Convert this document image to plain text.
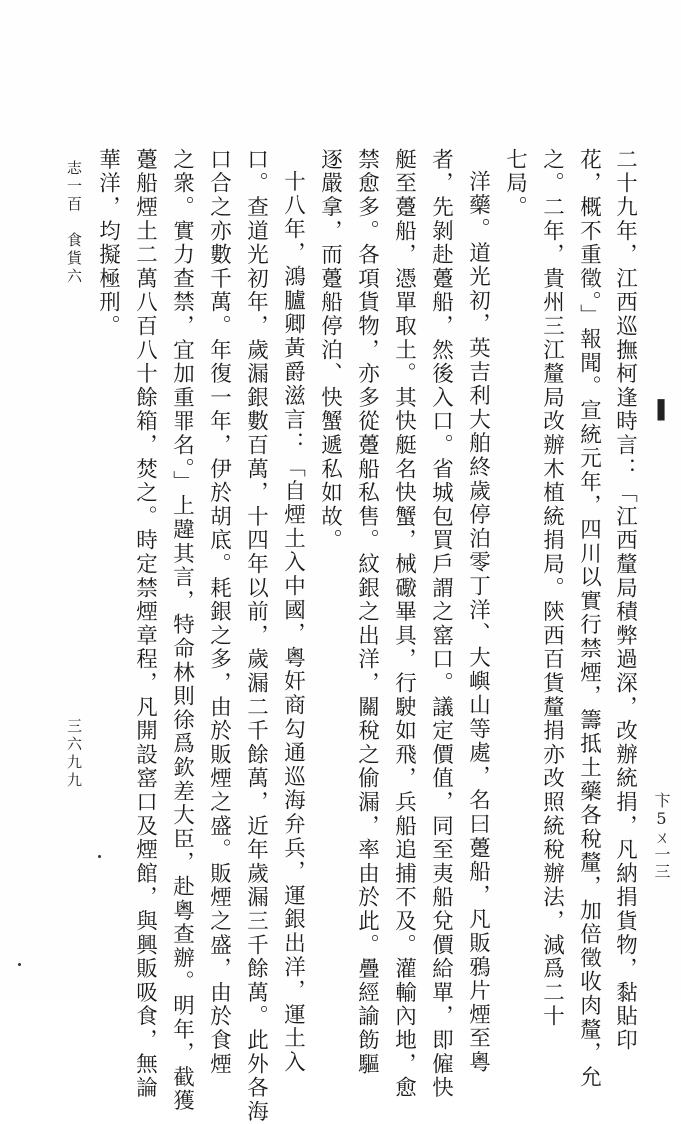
二十九年，江西巡撫柯逢時言：「江西釐局積弊過深，改辦統捐，凡納捐貨物，黏貼印
花，概不重徵。」報聞。宣統元年，四川以實行禁煙，籌抵土藥各稅釐，加倍徵收肉釐，允
之。二年，貴州三江釐局改辦木植統捐局。陝西百貨釐捐亦改照統稅辦法，減爲二十
七局。
洋藥。道光初，英吉利大舶終歲停泊零丁洋、大嶼山等處，名曰躉船，凡販鴉片煙至粵
者，先剝赴躉船，然後入口。省城包買戶謂之窰口。議定價值，同至夷船兌價給單，即僱快
艇至躉船，憑單取土。其快艇名快蟹，械礮畢具，行駛如飛，兵船追捕不及。灌輸內地，愈
禁愈多。各項貨物，亦多從躉船私售。紋銀之出洋，關稅之偷漏，率由於此。疊經諭飭驅
逐嚴拿，而躉船停泊、快蟹遞私如故。
十八年，鴻臚卿黃爵滋言：「自煙土入中國，粵奸商勾通巡海弁兵，運銀出洋，運土入
口。查道光初年，歲漏銀數百萬，十四年以前，歲漏二千餘萬，近年歲漏三千餘萬。此外各海
口合之亦數千萬。年復一年，伊於胡底。耗銀之多，由於販煙之盛。販煙之盛，由於食煙
之衆。實力查禁，宜加重罪名。」上韙其言，特命林則徐爲欽差大臣，赴粵查辦。明年，截獲
躉船煙土二萬八百八十餘箱，焚之。時定禁煙章程，凡開設窰口及煙館，與興販吸食，無論
華洋，均擬極刑。
志一百　食貨六
三六九九
▌
卞5ㄨ一三
